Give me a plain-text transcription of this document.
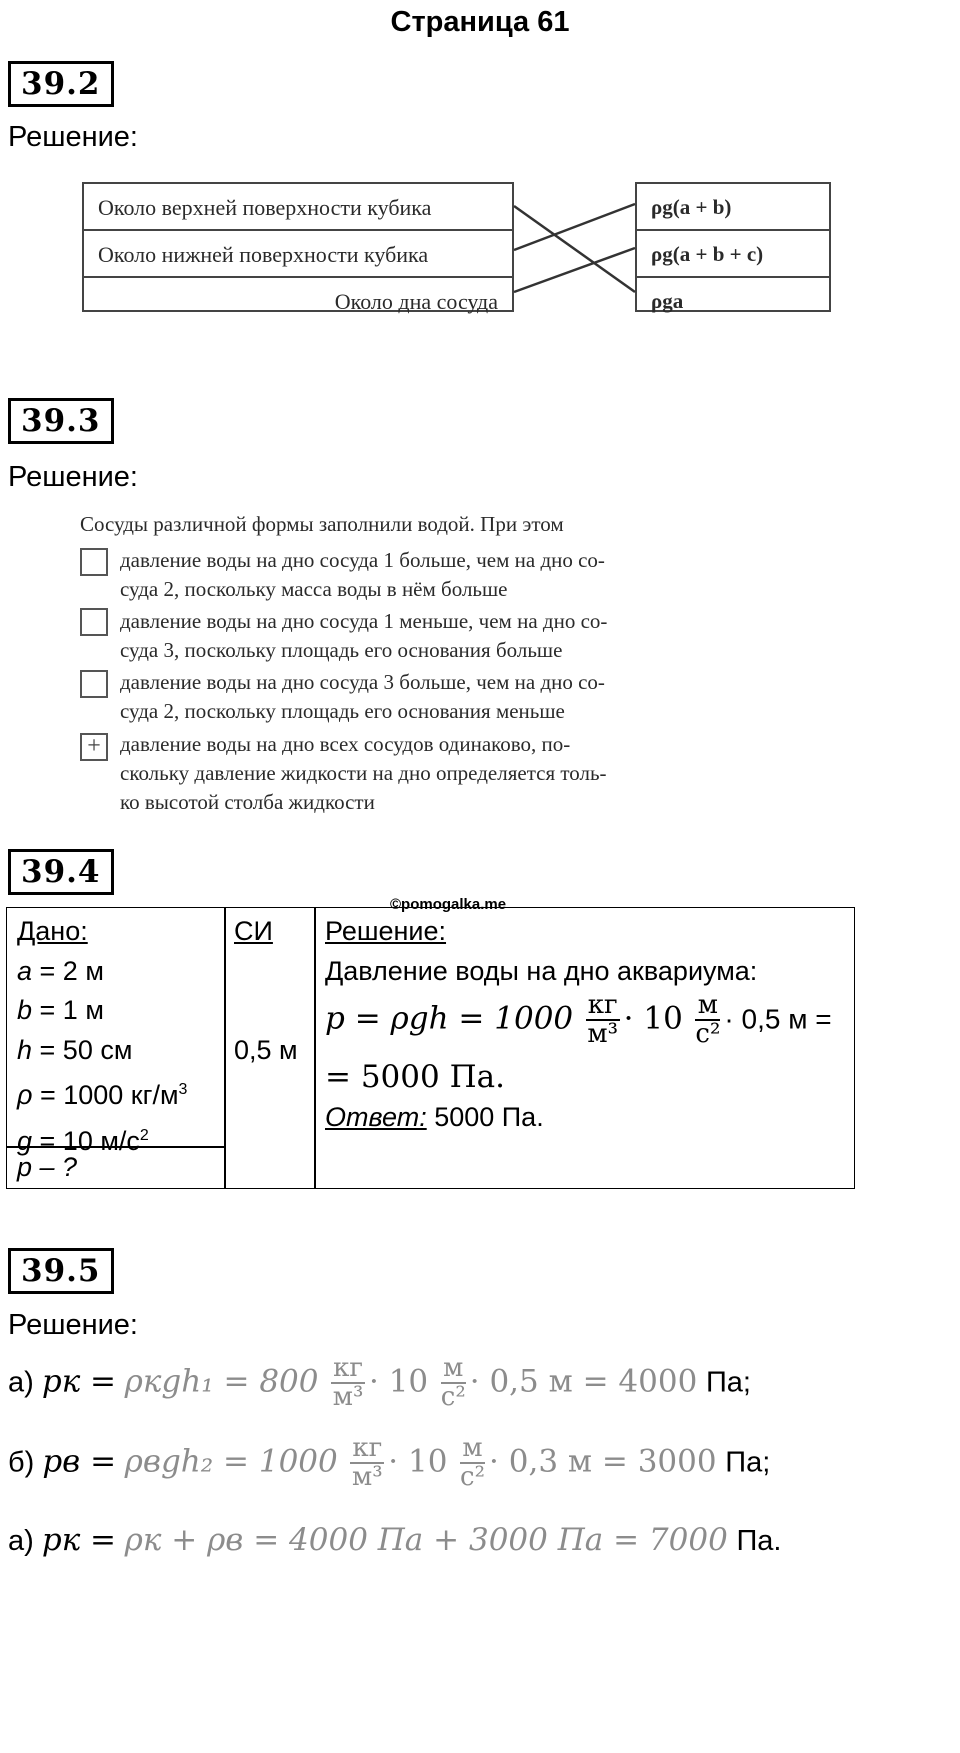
Страница 61
39.2
Решение:
Около верхней поверхности кубика
Около нижней поверхности кубика
Около дна сосуда
ρg(a + b)
ρg(a + b + c)
ρga
39.3
Решение:
Сосуды различной формы заполнили водой. При этом
давление воды на дно сосуда 1 больше, чем на дно со-
суда 2, поскольку масса воды в нём больше
давление воды на дно сосуда 1 меньше, чем на дно со-
суда 3, поскольку площадь его основания больше
давление воды на дно сосуда 3 больше, чем на дно со-
суда 2, поскольку площадь его основания меньше
+ давление воды на дно всех сосудов одинаково, по-
скольку давление жидкости на дно определяется толь-
ко высотой столба жидкости
39.4
©pomogalka.me
Дано:
a = 2 м
b = 1 м
h = 50 см
ρ = 1000 $кг/м^3$
g = 10 $м/с^2$
p – ?
СИ
0,5 м
Решение:
Давление воды на дно аквариума:
$p = \rho gh = 1000 \frac{кг}{\text{м³}} \cdot 10 \frac{м}{\text{с²}} \cdot 0,5$ м =
= 5000 Па.
Ответ: 5000 Па.
39.5
Решение:
а) pк = $\rho кgh_1 = 800 \frac{кг}{\text{м³}} \cdot 10 \frac{м}{\text{с²}} \cdot 0,5$ м = 4000 Па;
б) pв = $\rho вgh_2 = 1000 \frac{кг}{\text{м³}} \cdot 10 \frac{м}{\text{с²}} \cdot 0,3$ м = 3000 Па;
а) pк = ρк + ρв = 4000 Па + 3000 Па = 7000 Па.
